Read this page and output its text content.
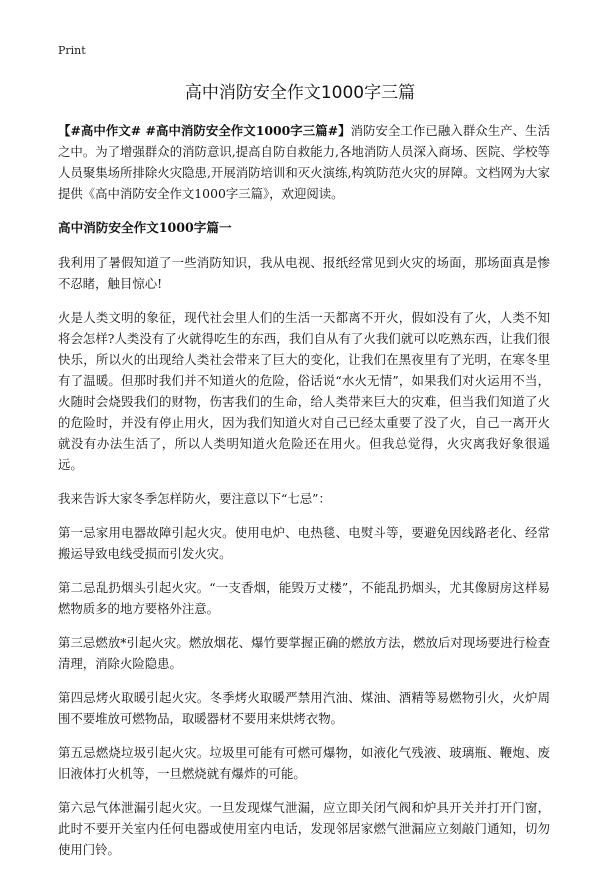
Print
高中消防安全作文1000字三篇

【#高中作文# #高中消防安全作文1000字三篇#】消防安全工作已融入群众生产、生活之中。为了增强群众的消防意识,提高自防自救能力,各地消防人员深入商场、医院、学校等人员聚集场所排除火灾隐患,开展消防培训和灭火演练,构筑防范火灾的屏障。文档网为大家提供《高中消防安全作文1000字三篇》，欢迎阅读。

高中消防安全作文1000字篇一

我利用了暑假知道了一些消防知识，我从电视、报纸经常见到火灾的场面，那场面真是惨不忍睹，触目惊心!

火是人类文明的象征，现代社会里人们的生活一天都离不开火，假如没有了火，人类不知将会怎样?人类没有了火就得吃生的东西，我们自从有了火我们就可以吃熟东西，让我们很快乐，所以火的出现给人类社会带来了巨大的变化，让我们在黑夜里有了光明，在寒冬里有了温暖。但那时我们并不知道火的危险，俗话说“水火无情”，如果我们对火运用不当，火随时会烧毁我们的财物，伤害我们的生命，给人类带来巨大的灾难，但当我们知道了火的危险时，并没有停止用火，因为我们知道火对自己已经太重要了没了火，自己一离开火就没有办法生活了，所以人类明知道火危险还在用火。但我总觉得，火灾离我好象很遥远。

我来告诉大家冬季怎样防火，要注意以下“七忌”：

第一忌家用电器故障引起火灾。使用电炉、电热毯、电熨斗等，要避免因线路老化、经常搬运导致电线受损而引发火灾。

第二忌乱扔烟头引起火灾。“一支香烟，能毁万丈楼”，不能乱扔烟头，尤其像厨房这样易燃物质多的地方要格外注意。

第三忌燃放*引起火灾。燃放烟花、爆竹要掌握正确的燃放方法，燃放后对现场要进行检查清理，消除火险隐患。

第四忌烤火取暖引起火灾。冬季烤火取暖严禁用汽油、煤油、酒精等易燃物引火，火炉周围不要堆放可燃物品，取暖器材不要用来烘烤衣物。

第五忌燃烧垃圾引起火灾。垃圾里可能有可燃可爆物，如液化气残液、玻璃瓶、鞭炮、废旧液体打火机等，一旦燃烧就有爆炸的可能。

第六忌气体泄漏引起火灾。一旦发现煤气泄漏，应立即关闭气阀和炉具开关并打开门窗，此时不要开关室内任何电器或使用室内电话，发现邻居家燃气泄漏应立刻敲门通知，切勿使用门铃。
